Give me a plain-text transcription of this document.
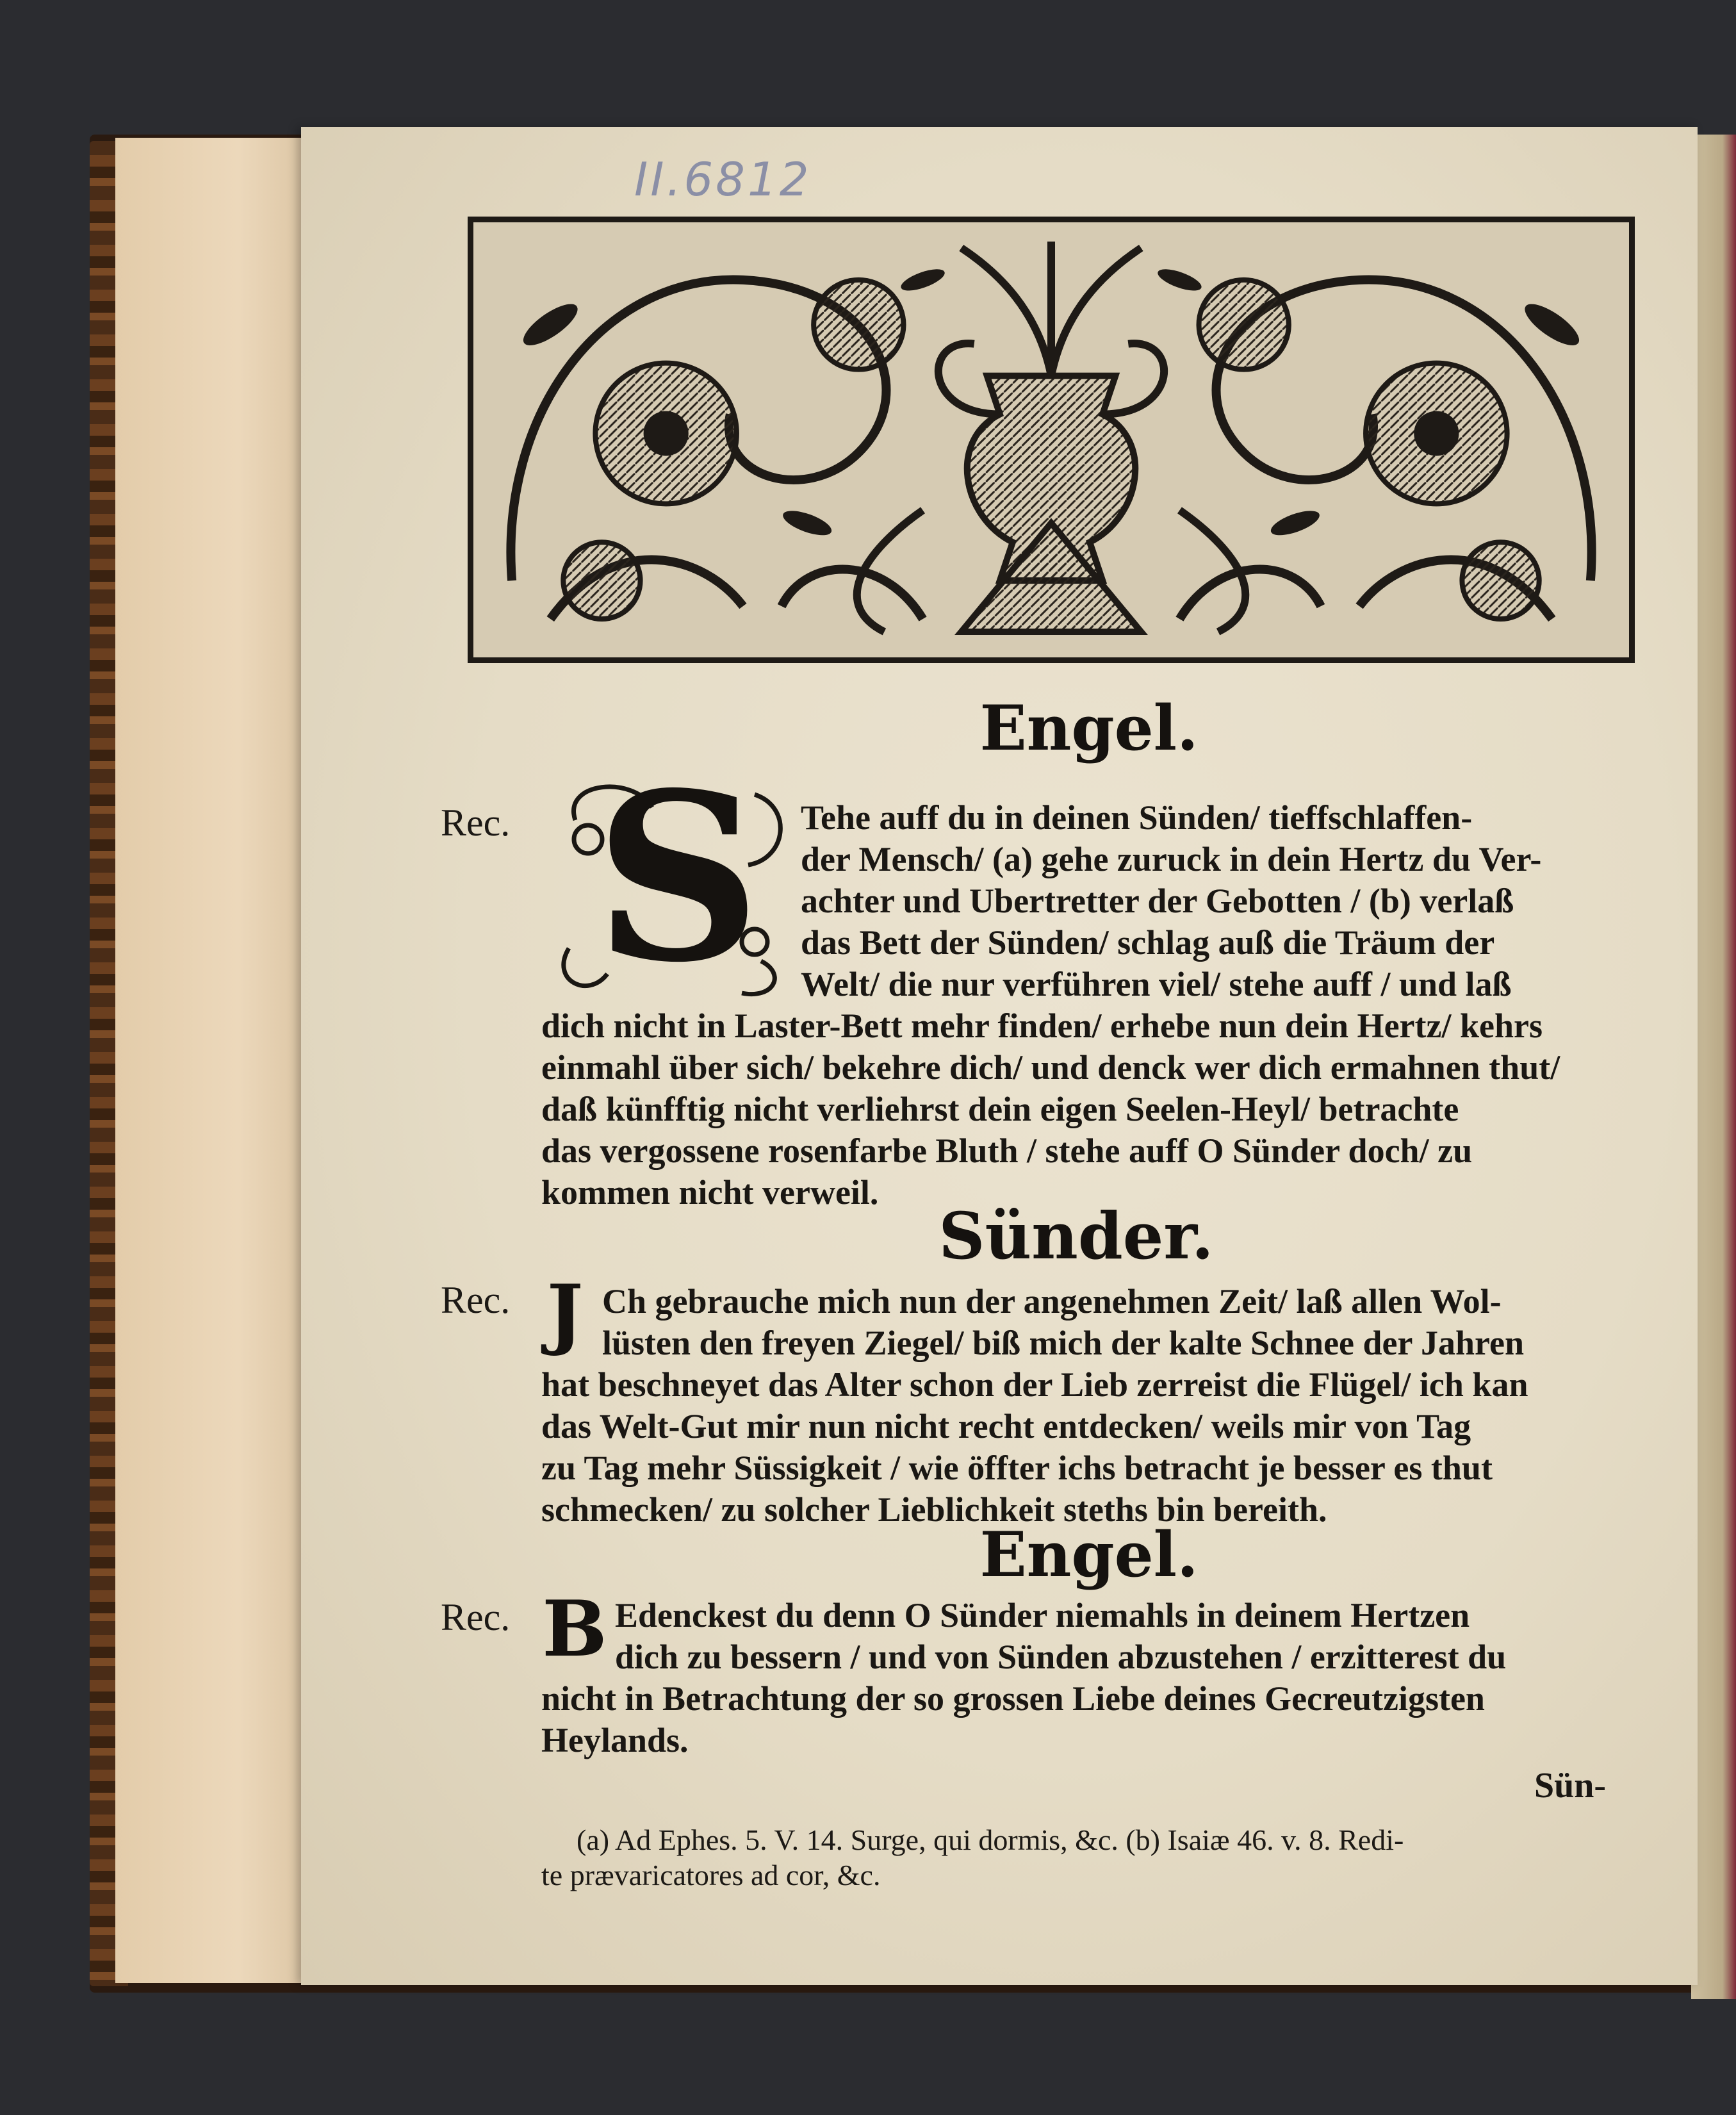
II.6812
Engel.
Rec. S Tehe auff du in deinen Sünden/ tieffschlaffen-
der Mensch/ (a) gehe zuruck in dein Hertz du Ver-
achter und Ubertretter der Gebotten / (b) verlaß
das Bett der Sünden/ schlag auß die Träum der
Welt/ die nur verführen viel/ stehe auff / und laß
dich nicht in Laster-Bett mehr finden/ erhebe nun dein Hertz/ kehrs
einmahl über sich/ bekehre dich/ und denck wer dich ermahnen thut/
daß künfftig nicht verliehrst dein eigen Seelen-Heyl/ betrachte
das vergossene rosenfarbe Bluth / stehe auff O Sünder doch/ zu
kommen nicht verweil.
Sünder.
Rec. J Ch gebrauche mich nun der angenehmen Zeit/ laß allen Wol-
lüsten den freyen Ziegel/ biß mich der kalte Schnee der Jahren
hat beschneyet das Alter schon der Lieb zerreist die Flügel/ ich kan
das Welt-Gut mir nun nicht recht entdecken/ weils mir von Tag
zu Tag mehr Süssigkeit / wie öffter ichs betracht je besser es thut
schmecken/ zu solcher Lieblichkeit steths bin bereith.
Engel.
Rec. B Edenckest du denn O Sünder niemahls in deinem Hertzen
dich zu bessern / und von Sünden abzustehen / erzitterest du
nicht in Betrachtung der so grossen Liebe deines Gecreutzigsten
Heylands.
Sün-
(a) Ad Ephes. 5. V. 14. Surge, qui dormis, &c. (b) Isaiæ 46. v. 8. Redi-
te prævaricatores ad cor, &c.
